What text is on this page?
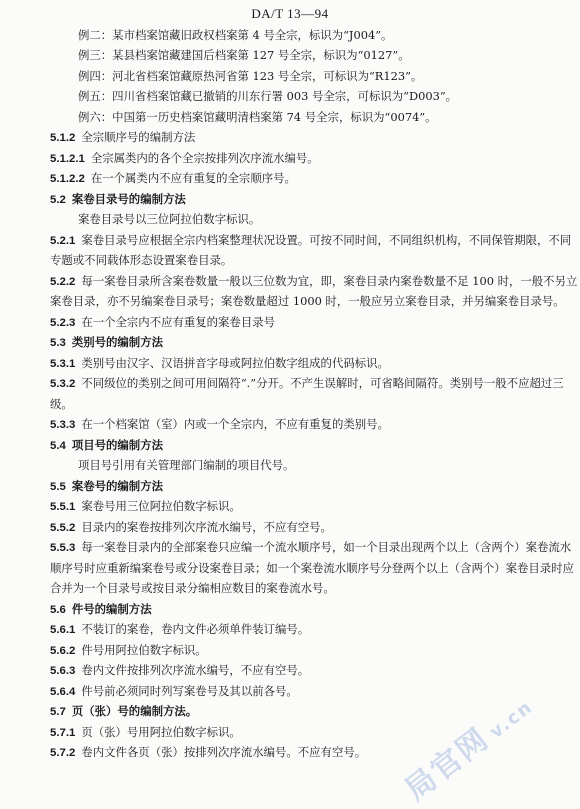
DA/T 13—94
例二：某市档案馆藏旧政权档案第 4 号全宗，标识为“J004”。
例三：某县档案馆藏建国后档案第 127 号全宗，标识为“0127”。
例四：河北省档案馆藏原热河省第 123 号全宗，可标识为“R123”。
例五：四川省档案馆藏已撤销的川东行署 003 号全宗，可标识为“D003”。
例六：中国第一历史档案馆藏明清档案第 74 号全宗，标识为“0074”。
5.1.2 全宗顺序号的编制方法
5.1.2.1 全宗属类内的各个全宗按排列次序流水编号。
5.1.2.2 在一个属类内不应有重复的全宗顺序号。
5.2 案卷目录号的编制方法
案卷目录号以三位阿拉伯数字标识。
5.2.1 案卷目录号应根据全宗内档案整理状况设置。可按不同时间，不同组织机构，不同保管期限，不同
专题或不同载体形态设置案卷目录。
5.2.2 每一案卷目录所含案卷数量一般以三位数为宜，即，案卷目录内案卷数量不足 100 时，一般不另立
案卷目录，亦不另编案卷目录号；案卷数量超过 1000 时，一般应另立案卷目录，并另编案卷目录号。
5.2.3 在一个全宗内不应有重复的案卷目录号
5.3 类别号的编制方法
5.3.1 类别号由汉字、汉语拼音字母或阿拉伯数字组成的代码标识。
5.3.2 不同级位的类别之间可用间隔符“.”分开。不产生误解时，可省略间隔符。类别号一般不应超过三
级。
5.3.3 在一个档案馆（室）内或一个全宗内，不应有重复的类别号。
5.4 项目号的编制方法
项目号引用有关管理部门编制的项目代号。
5.5 案卷号的编制方法
5.5.1 案卷号用三位阿拉伯数字标识。
5.5.2 目录内的案卷按排列次序流水编号，不应有空号。
5.5.3 每一案卷目录内的全部案卷只应编一个流水顺序号，如一个目录出现两个以上（含两个）案卷流水
顺序号时应重新编案卷号或分设案卷目录；如一个案卷流水顺序号分登两个以上（含两个）案卷目录时应
合并为一个目录号或按目录分编相应数目的案卷流水号。
5.6 件号的编制方法
5.6.1 不装订的案卷，卷内文件必须单件装订编号。
5.6.2 件号用阿拉伯数字标识。
5.6.3 卷内文件按排列次序流水编号，不应有空号。
5.6.4 件号前必须同时列写案卷号及其以前各号。
5.7 页（张）号的编制方法。
5.7.1 页（张）号用阿拉伯数字标识。
5.7.2 卷内文件各页（张）按排列次序流水编号。不应有空号。 局官网v.cn
